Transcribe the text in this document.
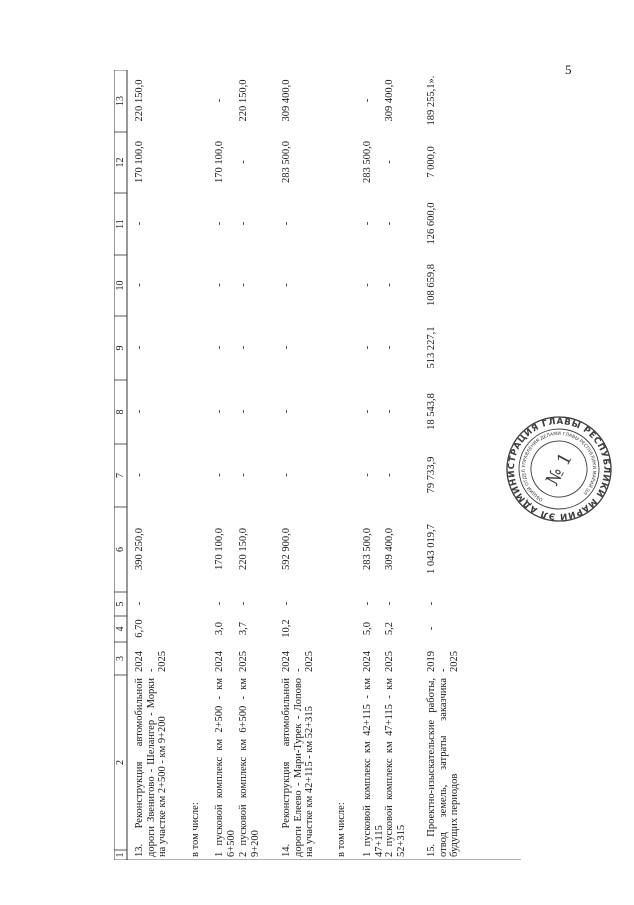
5
1
2
3
4
5
6
7
8
9
10
11
12
13
13. Реконструкция автомобильной дороги Звениговo - Шелангер - Морки на участке км 2+500 - км 9+200
2024 - 2025
6,70
-
390 250,0
-
-
-
-
-
170 100,0
220 150,0
в том числе: 1 пусковой комплекс км 2+500 - км 6+500
2024
3,0
-
170 100,0
-
-
-
-
-
170 100,0
-
2 пусковой комплекс км 6+500 - км 9+200
2025
3,7
-
220 150,0
-
-
-
-
-
-
220 150,0
14. Реконструкция автомобильной дороги Елеево - Мари-Турек - Лопово на участке км 42+115 - км 52+315
2024 - 2025
10,2
-
592 900,0
-
-
-
-
-
283 500,0
309 400,0
в том числе: 1 пусковой комплекс км 42+115 - км 47+115
2024
5,0
-
283 500,0
-
-
-
-
-
283 500,0
-
2 пусковой комплекс км 47+115 - км 52+315
2025
5,2
-
309 400,0
-
-
-
-
-
-
309 400,0
15. Проектно-изыскательские работы, отвод земель, затраты заказчика будущих периодов
2019 - 2025
-
-
1 043 019,7
79 733,9
18 543,8
513 227,1
108 659,8
126 600,0
7 000,0
189 255,1».
АДМИНИСТРАЦИЯ ГЛАВЫ РЕСПУБЛИКИ МАРИЙ ЭЛ
ОБЩИЙ ОТДЕЛ УПРАВЛЕНИЯ ДЕЛАМИ ГЛАВЫ РЕСПУБЛИКИ МАРИЙ ЭЛ
№ 1
